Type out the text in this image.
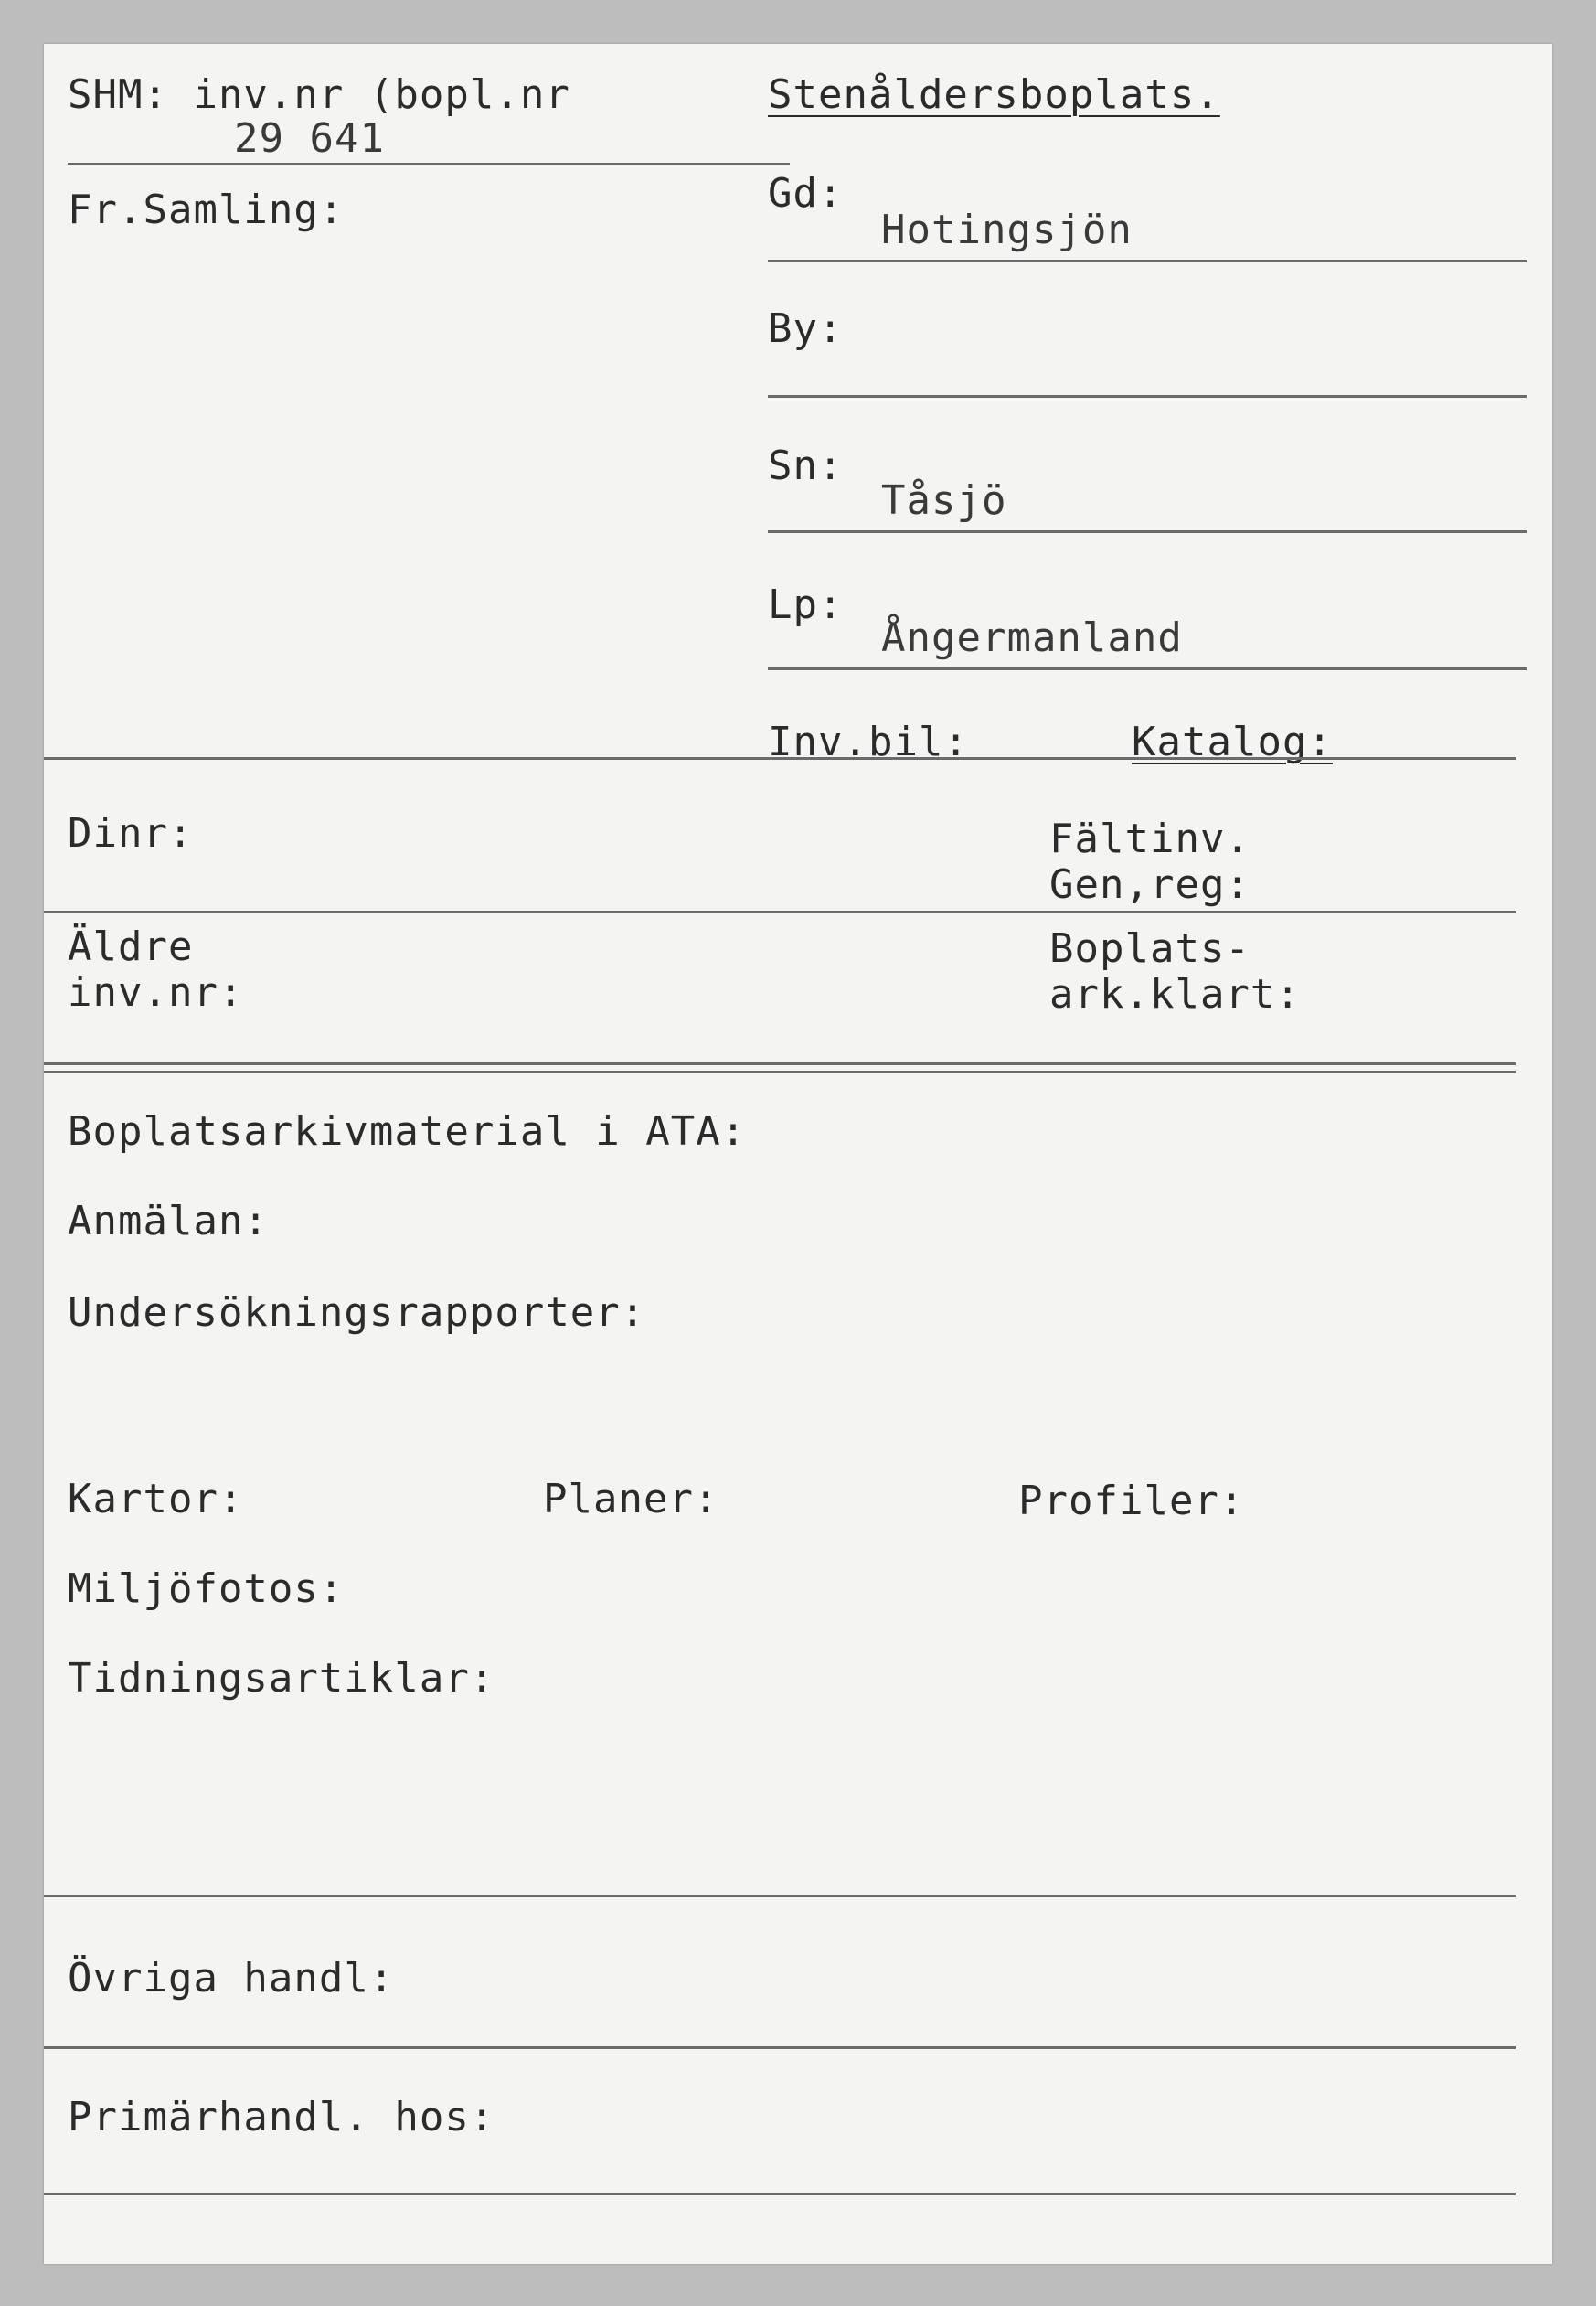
SHM: inv.nr (bopl.nr
29 641
Fr.Samling:
Stenåldersboplats.
Gd:
Hotingsjön
By:
Sn:
Tåsjö
Lp:
Ångermanland
Inv.bil:	Katalog:
Dinr:	Fältinv.
Gen,reg:
Äldre
inv.nr:
Boplats-
ark.klart:
Boplatsarkivmaterial i ATA:
Anmälan:
Undersökningsrapporter:
Kartor:	Planer:	Profiler:
Miljöfotos:
Tidningsartiklar:
Övriga handl:
Primärhandl. hos:
